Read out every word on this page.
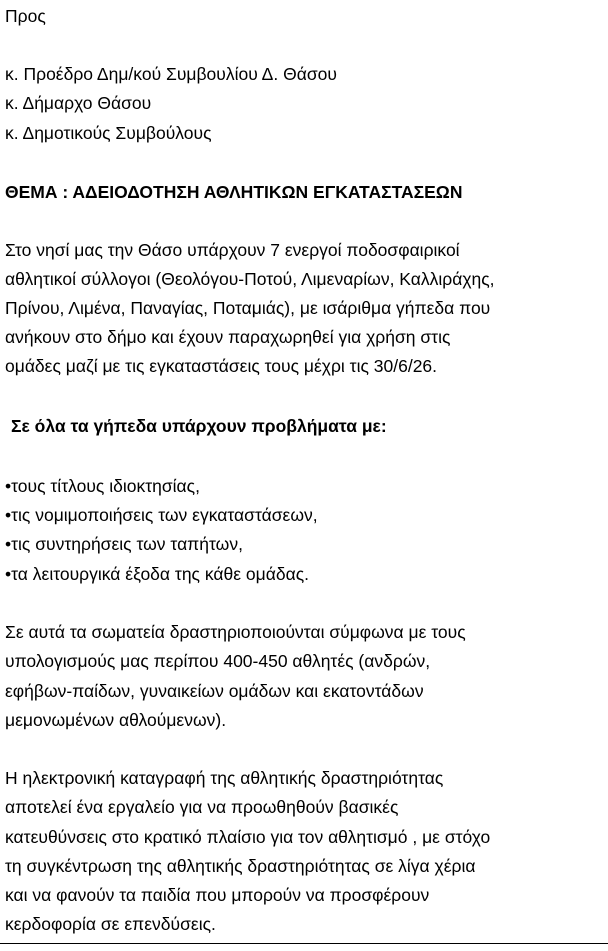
Προς
κ. Προέδρο Δημ/κού Συμβουλίου Δ. Θάσου
κ. Δήμαρχο Θάσου
κ. Δημοτικούς Συμβούλους
ΘΕΜΑ : ΑΔΕΙΟΔΟΤΗΣΗ ΑΘΛΗΤΙΚΩΝ ΕΓΚΑΤΑΣΤΑΣΕΩΝ
Στο νησί μας την Θάσο υπάρχουν 7 ενεργοί ποδοσφαιρικοί
αθλητικοί σύλλογοι (Θεολόγου-Ποτού, Λιμεναρίων, Καλλιράχης,
Πρίνου, Λιμένα, Παναγίας, Ποταμιάς), με ισάριθμα γήπεδα που
ανήκουν στο δήμο και έχουν παραχωρηθεί για χρήση στις
ομάδες μαζί με τις εγκαταστάσεις τους μέχρι τις 30/6/26.
Σε όλα τα γήπεδα υπάρχουν προβλήματα με:
•τους τίτλους ιδιοκτησίας,
•τις νομιμοποιήσεις των εγκαταστάσεων,
•τις συντηρήσεις των ταπήτων,
•τα λειτουργικά έξοδα της κάθε ομάδας.
Σε αυτά τα σωματεία δραστηριοποιούνται σύμφωνα με τους
υπολογισμούς μας περίπου 400-450 αθλητές (ανδρών,
εφήβων-παίδων, γυναικείων ομάδων και εκατοντάδων
μεμονωμένων αθλούμενων).
Η ηλεκτρονική καταγραφή της αθλητικής δραστηριότητας
αποτελεί ένα εργαλείο για να προωθηθούν βασικές
κατευθύνσεις στο κρατικό πλαίσιο για τον αθλητισμό , με στόχο
τη συγκέντρωση της αθλητικής δραστηριότητας σε λίγα χέρια
και να φανούν τα παιδία που μπορούν να προσφέρουν
κερδοφορία σε επενδύσεις.
